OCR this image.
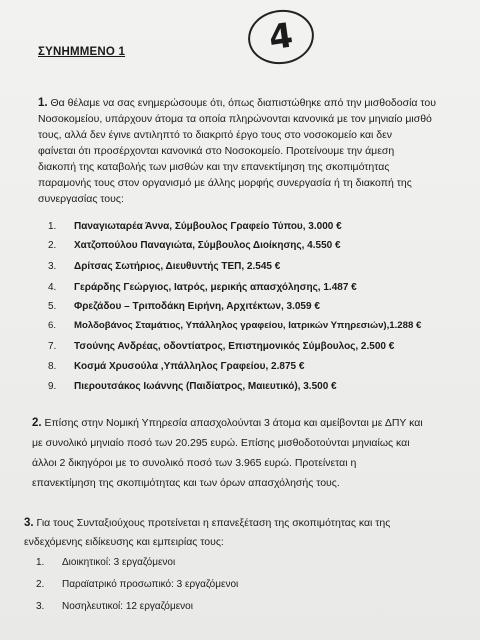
4
ΣΥΝΗΜΜΕΝΟ 1
1. Θα θέλαμε να σας ενημερώσουμε ότι, όπως διαπιστώθηκε από την μισθοδοσία του
Νοσοκομείου, υπάρχουν άτομα τα οποία πληρώνονται κανονικά με τον μηνιαίο μισθό
τους, αλλά δεν έγινε αντιληπτό το διακριτό έργο τους στο νοσοκομείο και δεν
φαίνεται ότι προσέρχονται κανονικά στο Νοσοκομείο. Προτείνουμε την άμεση
διακοπή της καταβολής των μισθών και την επανεκτίμηση της σκοπιμότητας
παραμονής τους στον οργανισμό με άλλης μορφής συνεργασία ή τη διακοπή της
συνεργασίας τους:
1. Παναγιωταρέα Άννα, Σύμβουλος Γραφείο Τύπου, 3.000 €
2. Χατζοπούλου Παναγιώτα, Σύμβουλος Διοίκησης, 4.550 €
3. Δρίτσας Σωτήριος, Διευθυντής ΤΕΠ, 2.545 €
4. Γεράρδης Γεώργιος, Ιατρός, μερικής απασχόλησης, 1.487 €
5. Φρεζάδου – Τριποδάκη Ειρήνη, Αρχιτέκτων, 3.059 €
6. Μολδοβάνος Σταμάτιος, Υπάλληλος γραφείου, Ιατρικών Υπηρεσιών),1.288 €
7. Τσούνης Ανδρέας, οδοντίατρος, Επιστημονικός Σύμβουλος, 2.500 €
8. Κοσμά Χρυσούλα ,Υπάλληλος Γραφείου, 2.875 €
9. Πιερουτσάκος Ιωάννης (Παιδίατρος, Μαιευτικό), 3.500 €
2. Επίσης στην Νομική Υπηρεσία απασχολούνται 3 άτομα και αμείβονται με ΔΠΥ και
με συνολικό μηνιαίο ποσό των 20.295 ευρώ. Επίσης μισθοδοτούνται μηνιαίως και
άλλοι 2 δικηγόροι με το συνολικό ποσό των 3.965 ευρώ. Προτείνεται η
επανεκτίμηση της σκοπιμότητας και των όρων απασχόλησής τους.
3. Για τους Συνταξιούχους προτείνεται η επανεξέταση της σκοπιμότητας και της
ενδεχόμενης ειδίκευσης και εμπειρίας τους:
1. Διοικητικοί: 3 εργαζόμενοι
2. Παραϊατρικό προσωπικό: 3 εργαζόμενοι
3. Νοσηλευτικοί: 12 εργαζόμενοι
